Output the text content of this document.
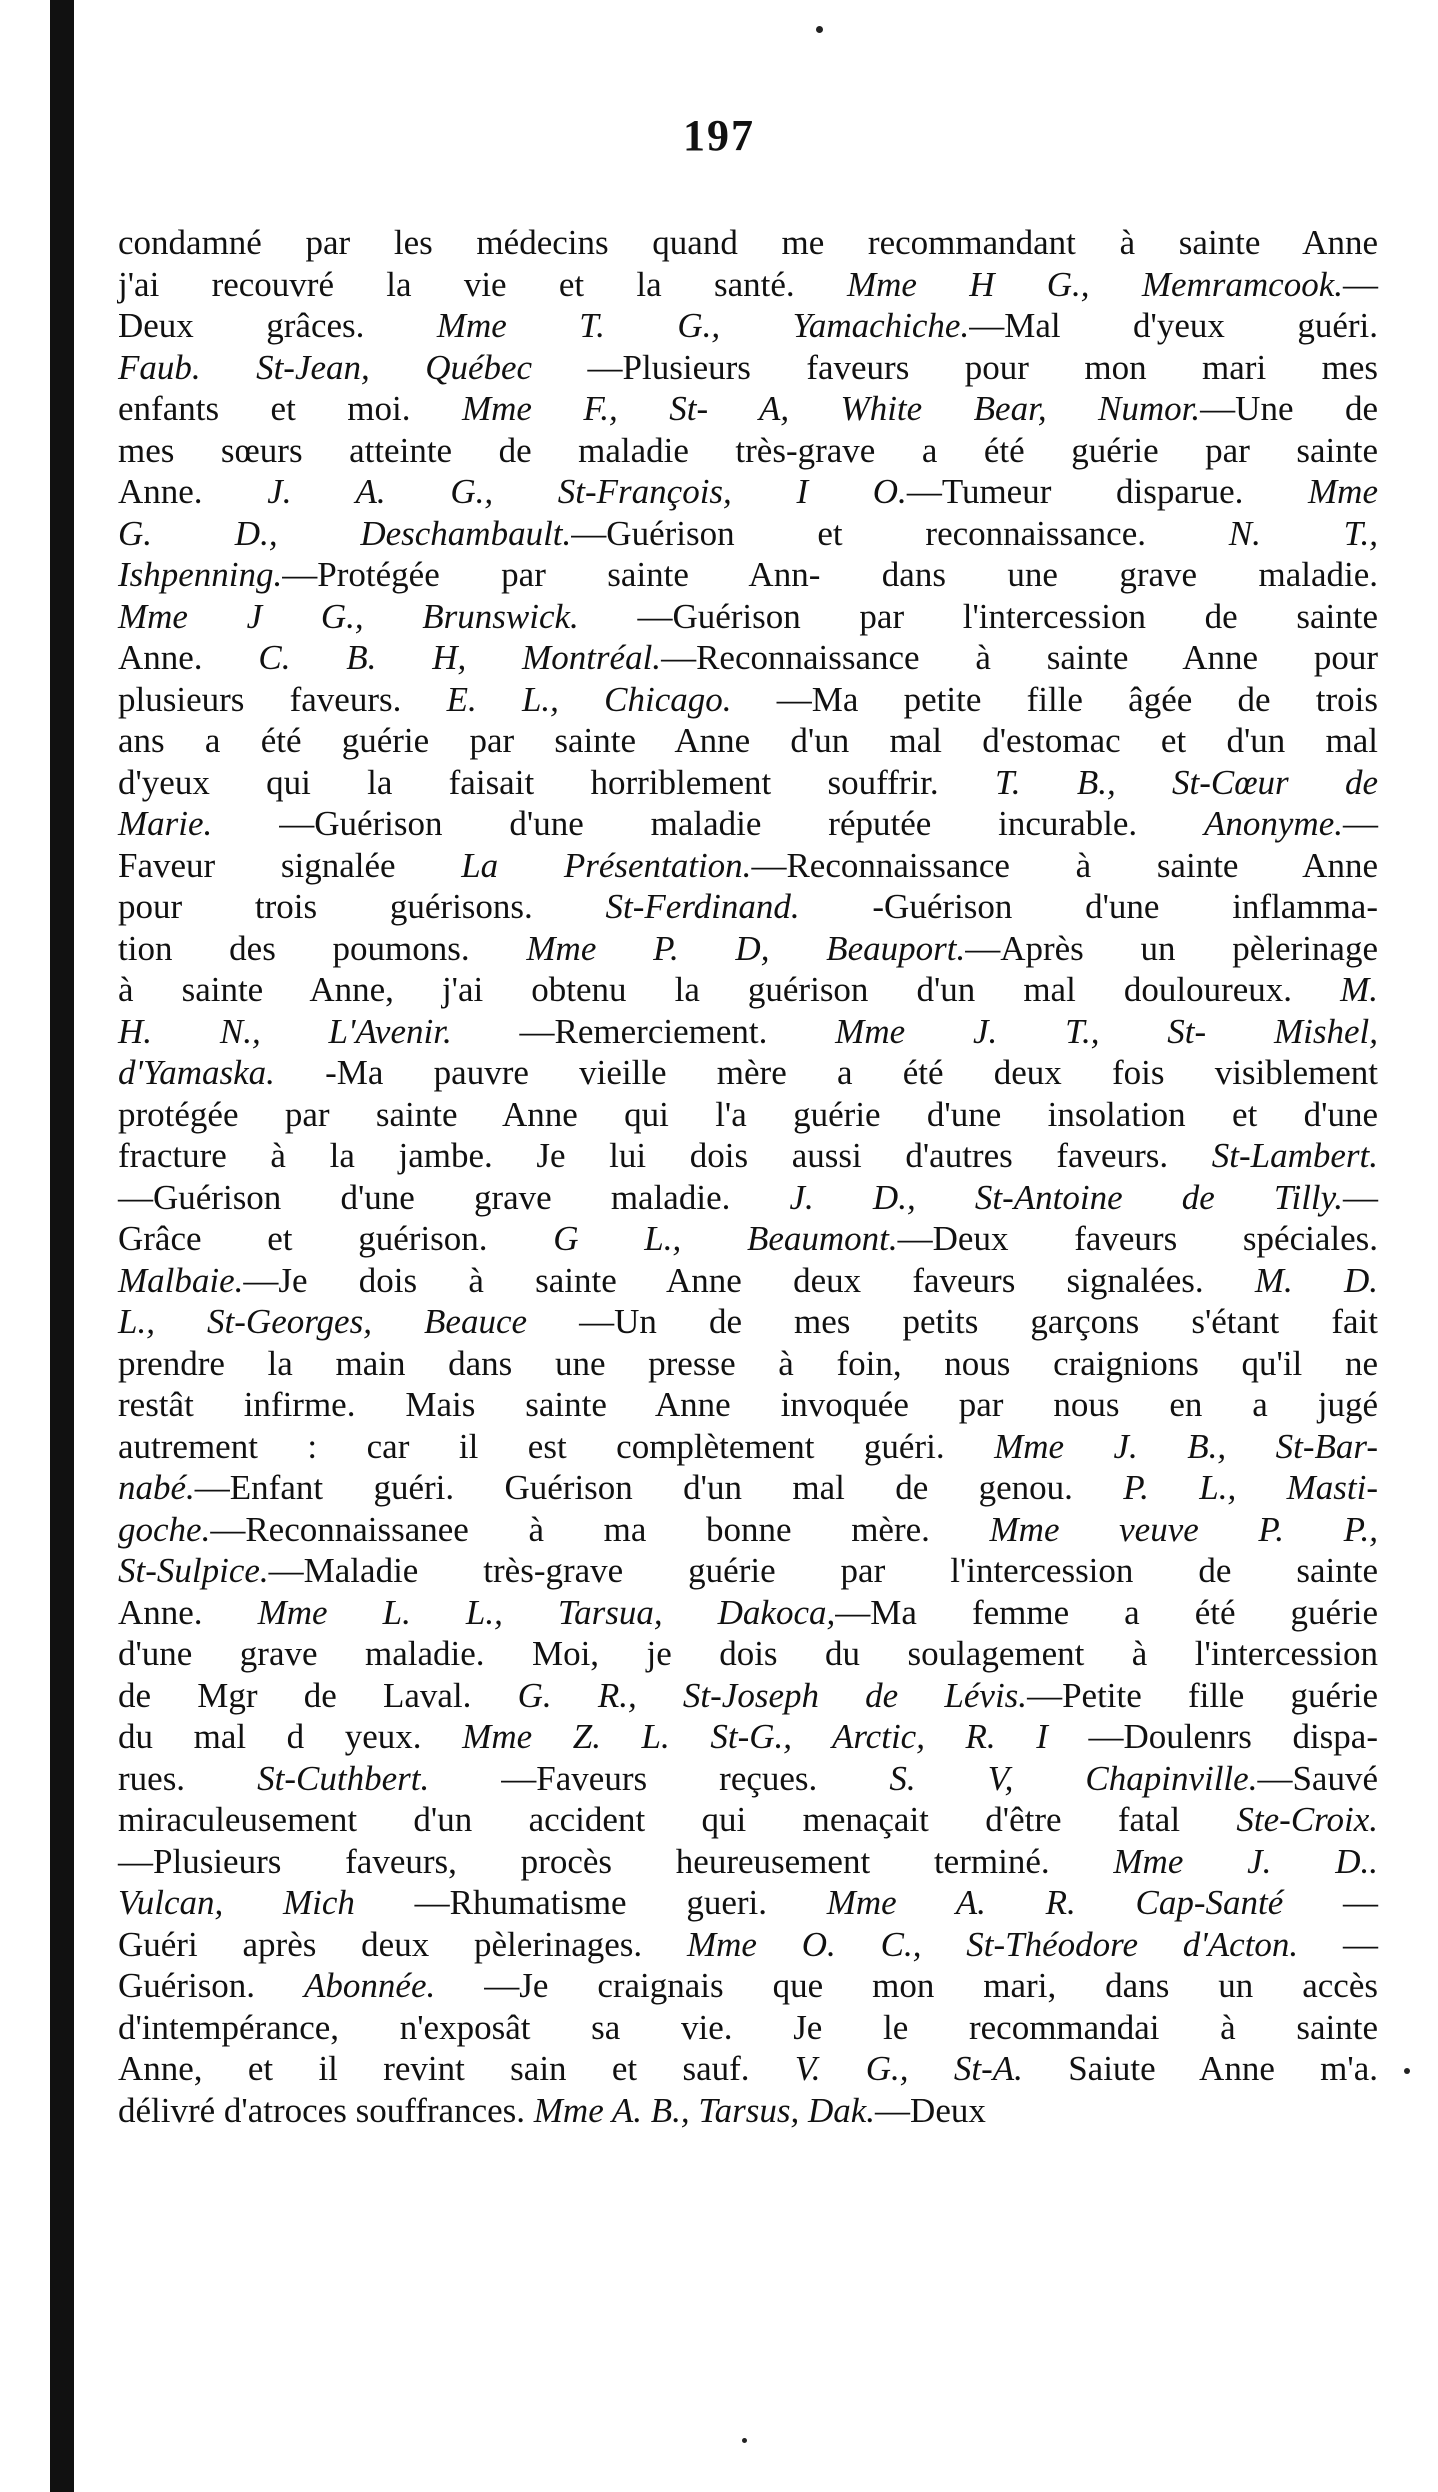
197
condamné par les médecins quand me recommandant à sainte Anne
j'ai recouvré la vie et la santé. Mme H G., Memramcook.—
Deux grâces. Mme T. G., Yamachiche.—Mal d'yeux guéri.
Faub. St-Jean, Québec —Plusieurs faveurs pour mon mari mes
enfants et moi. Mme F., St- A, White Bear, Numor.—Une de
mes sœurs atteinte de maladie très-grave a été guérie par sainte
Anne. J. A. G., St-François, I O.—Tumeur disparue. Mme
G. D., Deschambault.—Guérison et reconnaissance. N. T.,
Ishpenning.—Protégée par sainte Ann- dans une grave maladie.
Mme J G., Brunswick. —Guérison par l'intercession de sainte
Anne. C. B. H, Montréal.—Reconnaissance à sainte Anne pour
plusieurs faveurs. E. L., Chicago. —Ma petite fille âgée de trois
ans a été guérie par sainte Anne d'un mal d'estomac et d'un mal
d'yeux qui la faisait horriblement souffrir. T. B., St-Cœur de
Marie. —Guérison d'une maladie réputée incurable. Anonyme.—
Faveur signalée La Présentation.—Reconnaissance à sainte Anne
pour trois guérisons. St-Ferdinand. -Guérison d'une inflamma-
tion des poumons. Mme P. D, Beauport.—Après un pèlerinage
à sainte Anne, j'ai obtenu la guérison d'un mal douloureux. M.
H. N., L'Avenir. —Remerciement. Mme J. T., St- Mishel,
d'Yamaska. -Ma pauvre vieille mère a été deux fois visiblement
protégée par sainte Anne qui l'a guérie d'une insolation et d'une
fracture à la jambe. Je lui dois aussi d'autres faveurs. St-Lambert.
—Guérison d'une grave maladie. J. D., St-Antoine de Tilly.—
Grâce et guérison. G L., Beaumont.—Deux faveurs spéciales.
Malbaie.—Je dois à sainte Anne deux faveurs signalées. M. D.
L., St-Georges, Beauce —Un de mes petits garçons s'étant fait
prendre la main dans une presse à foin, nous craignions qu'il ne
restât infirme. Mais sainte Anne invoquée par nous en a jugé
autrement : car il est complètement guéri. Mme J. B., St-Bar-
nabé.—Enfant guéri. Guérison d'un mal de genou. P. L., Masti-
goche.—Reconnaissanee à ma bonne mère. Mme veuve P. P.,
St-Sulpice.—Maladie très-grave guérie par l'intercession de sainte
Anne. Mme L. L., Tarsua, Dakoca,—Ma femme a été guérie
d'une grave maladie. Moi, je dois du soulagement à l'intercession
de Mgr de Laval. G. R., St-Joseph de Lévis.—Petite fille guérie
du mal d yeux. Mme Z. L. St-G., Arctic, R. I —Doulenrs dispa-
rues. St-Cuthbert. —Faveurs reçues. S. V, Chapinville.—Sauvé
miraculeusement d'un accident qui menaçait d'être fatal Ste-Croix.
—Plusieurs faveurs, procès heureusement terminé. Mme J. D..
Vulcan, Mich —Rhumatisme gueri. Mme A. R. Cap-Santé —
Guéri après deux pèlerinages. Mme O. C., St-Théodore d'Acton. —
Guérison. Abonnée. —Je craignais que mon mari, dans un accès
d'intempérance, n'exposât sa vie. Je le recommandai à sainte
Anne, et il revint sain et sauf. V. G., St-A. Saiute Anne m'a.
délivré d'atroces souffrances. Mme A. B., Tarsus, Dak.—Deux
